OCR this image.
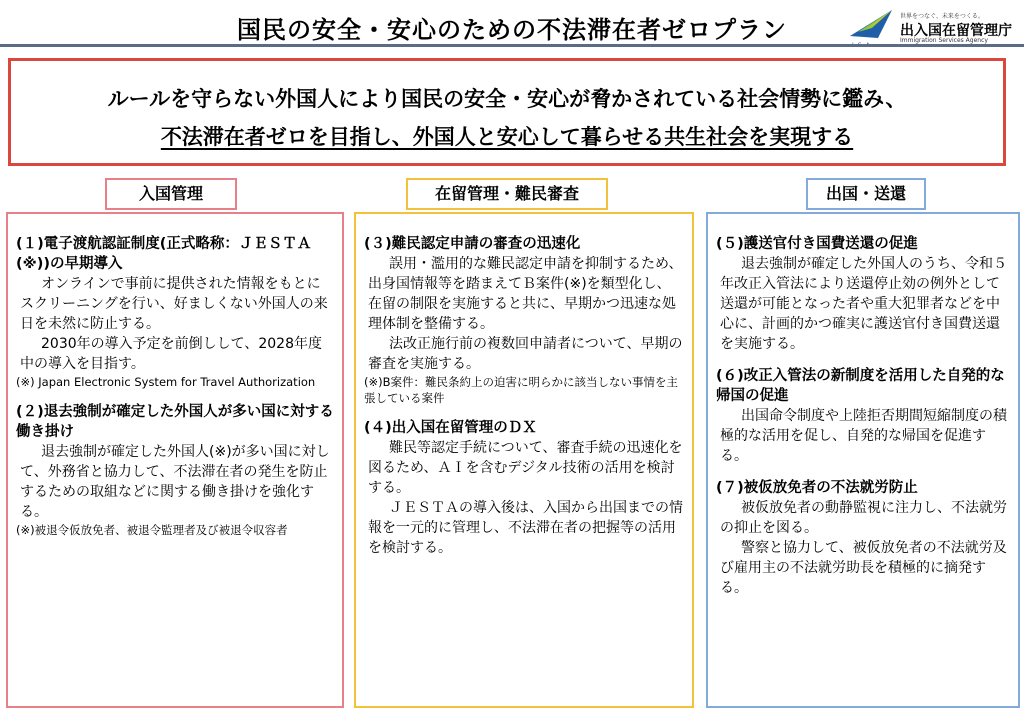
国民の安全・安心のための不法滞在者ゼロプラン	世界をつなぐ、未来をつくる。
出入国在留管理庁
Immigration Services Agency
ルールを守らない外国人により国民の安全・安心が脅かされている社会情勢に鑑み、
不法滞在者ゼロを目指し、外国人と安心して暮らせる共生社会を実現する
入国管理
(１)電子渡航認証制度(正式略称：ＪＥＳＴＡ(※))の早期導入
オンラインで事前に提供された情報をもとにスクリーニングを行い、好ましくない外国人の来日を未然に防止する。
2030年の導入予定を前倒しして、2028年度中の導入を目指す。
(※) Japan Electronic System for Travel Authorization
(２)退去強制が確定した外国人が多い国に対する働き掛け
退去強制が確定した外国人(※)が多い国に対して、外務省と協力して、不法滞在者の発生を防止するための取組などに関する働き掛けを強化する。
(※)被退令仮放免者、被退令監理者及び被退令収容者
在留管理・難民審査
(３)難民認定申請の審査の迅速化
誤用・濫用的な難民認定申請を抑制するため、出身国情報等を踏まえてＢ案件(※)を類型化し、在留の制限を実施すると共に、早期かつ迅速な処理体制を整備する。
法改正施行前の複数回申請者について、早期の審査を実施する。
(※)B案件：難民条約上の迫害に明らかに該当しない事情を主張している案件
(４)出入国在留管理のＤＸ
難民等認定手続について、審査手続の迅速化を図るため、ＡＩを含むデジタル技術の活用を検討する。
ＪＥＳＴＡの導入後は、入国から出国までの情報を一元的に管理し、不法滞在者の把握等の活用を検討する。
出国・送還
(５)護送官付き国費送還の促進
退去強制が確定した外国人のうち、令和５年改正入管法により送還停止効の例外として送還が可能となった者や重大犯罪者などを中心に、計画的かつ確実に護送官付き国費送還を実施する。
(６)改正入管法の新制度を活用した自発的な帰国の促進
出国命令制度や上陸拒否期間短縮制度の積極的な活用を促し、自発的な帰国を促進する。
(７)被仮放免者の不法就労防止
被仮放免者の動静監視に注力し、不法就労の抑止を図る。
警察と協力して、被仮放免者の不法就労及び雇用主の不法就労助長を積極的に摘発する。
